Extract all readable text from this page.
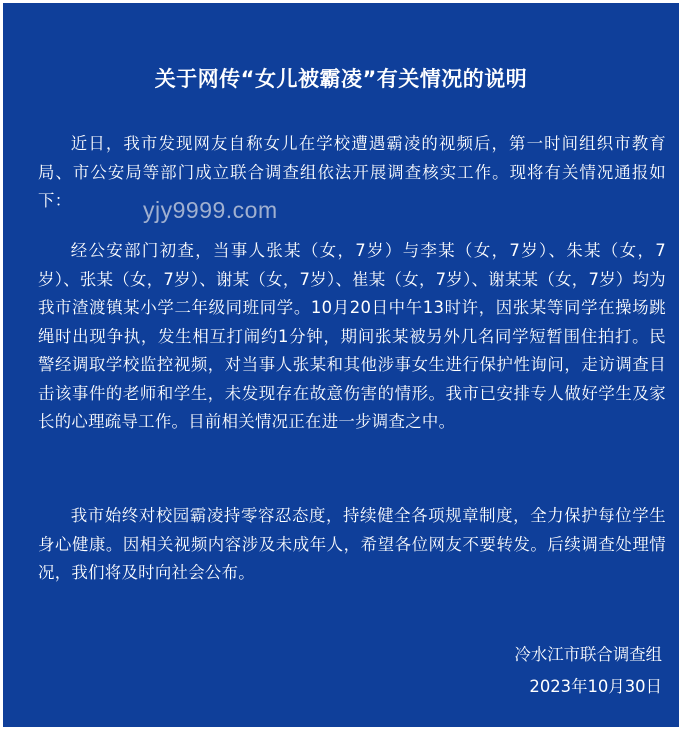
关于网传“女儿被霸凌”有关情况的说明

近日，我市发现网友自称女儿在学校遭遇霸凌的视频后，第一时间组织市教育局、市公安局等部门成立联合调查组依法开展调查核实工作。现将有关情况通报如下：

经公安部门初查，当事人张某（女，7岁）与李某（女，7岁）、朱某（女，7岁）、张某（女，7岁）、谢某（女，7岁）、崔某（女，7岁）、谢某某（女，7岁）均为我市渣渡镇某小学二年级同班同学。10月20日中午13时许，因张某等同学在操场跳绳时出现争执，发生相互打闹约1分钟，期间张某被另外几名同学短暂围住拍打。民警经调取学校监控视频，对当事人张某和其他涉事女生进行保护性询问，走访调查目击该事件的老师和学生，未发现存在故意伤害的情形。我市已安排专人做好学生及家长的心理疏导工作。目前相关情况正在进一步调查之中。

我市始终对校园霸凌持零容忍态度，持续健全各项规章制度，全力保护每位学生身心健康。因相关视频内容涉及未成年人，希望各位网友不要转发。后续调查处理情况，我们将及时向社会公布。

冷水江市联合调查组

2023年10月30日

yjy9999.com
